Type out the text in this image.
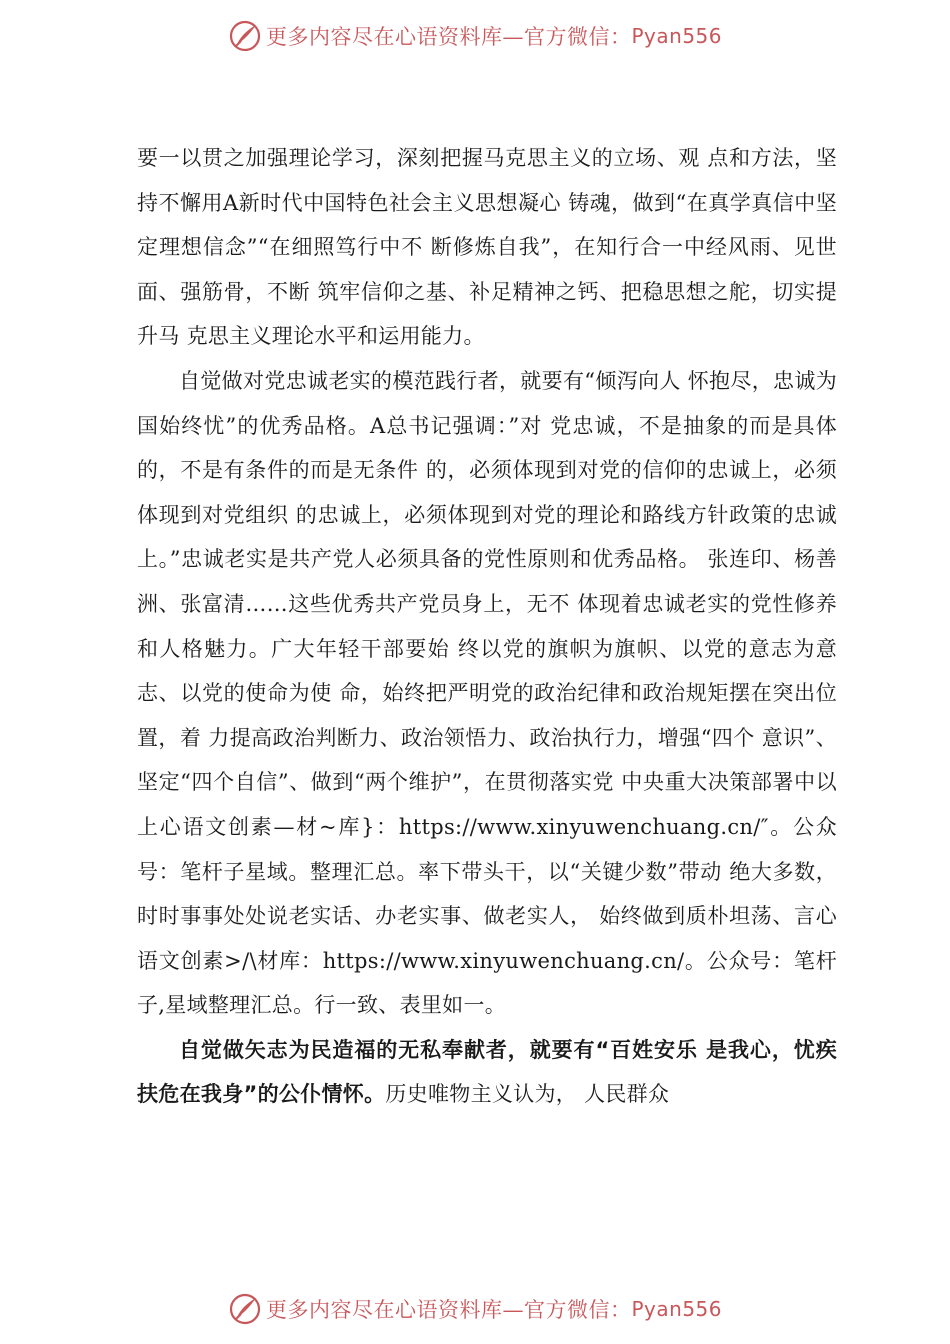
更多内容尽在心语资料库—官方微信： Pyan556

要一以贯之加强理论学习，深刻把握马克思主义的立场、观 点和方法，坚持不懈用A新时代中国特色社会主义思想凝心 铸魂，做到“在真学真信中坚定理想信念”“在细照笃行中不 断修炼自我”，在知行合一中经风雨、见世面、强筋骨，不断 筑牢信仰之基、补足精神之钙、把稳思想之舵，切实提升马 克思主义理论水平和运用能力。

自觉做对党忠诚老实的模范践行者，就要有“倾泻向人 怀抱尽，忠诚为国始终忧”的优秀品格。A总书记强调：”对 党忠诚，不是抽象的而是具体的，不是有条件的而是无条件 的，必须体现到对党的信仰的忠诚上，必须体现到对党组织 的忠诚上，必须体现到对党的理论和路线方针政策的忠诚 上。”忠诚老实是共产党人必须具备的党性原则和优秀品格。 张连印、杨善洲、张富清……这些优秀共产党员身上，无不 体现着忠诚老实的党性修养和人格魅力。广大年轻干部要始 终以党的旗帜为旗帜、以党的意志为意志、以党的使命为使 命，始终把严明党的政治纪律和政治规矩摆在突出位置，着 力提高政治判断力、政治领悟力、政治执行力，增强“四个 意识”、坚定“四个自信”、做到“两个维护”，在贯彻落实党 中央重大决策部署中以上心语文创素—材~库}：https://www.xinyuwenchuang.cn/″。公众号：笔杆子星域。整理汇总。率下带头干，以“关键少数”带动 绝大多数，时时事事处处说老实话、办老实事、做老实人， 始终做到质朴坦荡、言心语文创素>/\材库：https://www.xinyuwenchuang.cn/。公众号：笔杆子,星域整理汇总。行一致、表里如一。

自觉做矢志为民造福的无私奉献者，就要有“百姓安乐 是我心，忧疾扶危在我身”的公仆情怀。历史唯物主义认为， 人民群众

更多内容尽在心语资料库—官方微信： Pyan556
